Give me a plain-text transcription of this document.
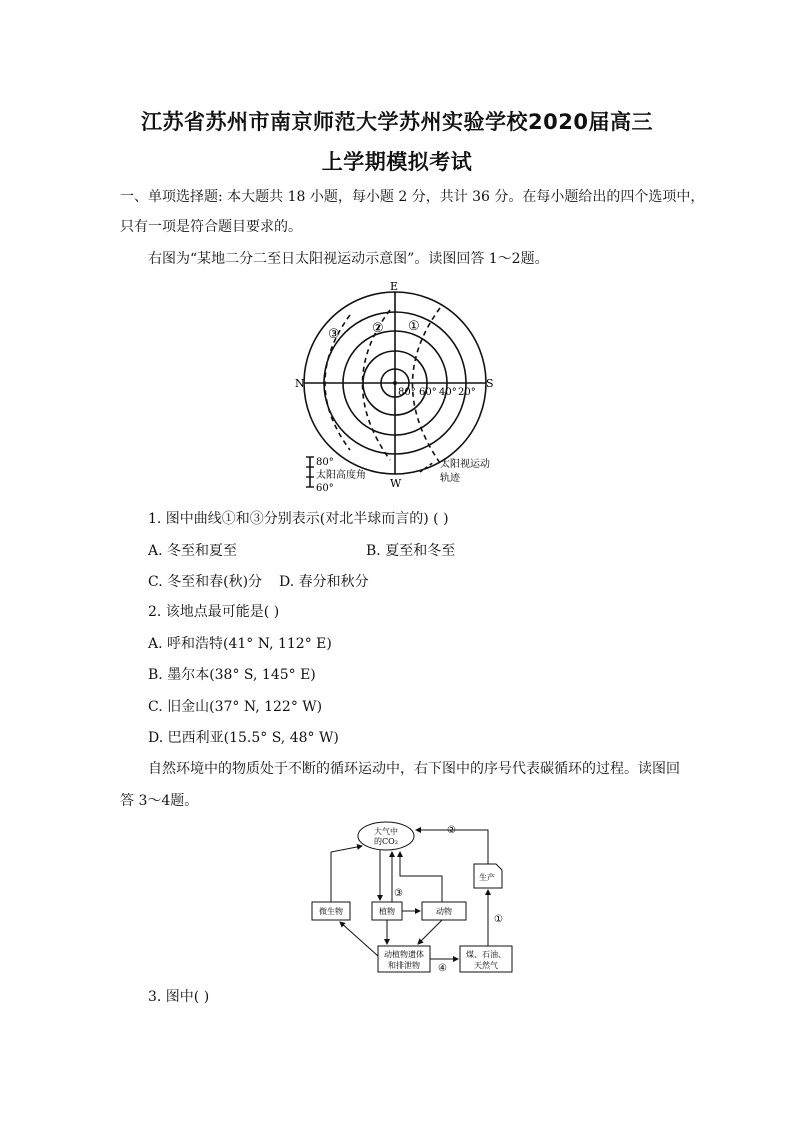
江苏省苏州市南京师范大学苏州实验学校2020届高三
上学期模拟考试
一、单项选择题: 本大题共 18 小题，每小题 2 分，共计 36 分。在每小题给出的四个选项中，
只有一项是符合题目要求的。
右图为“某地二分二至日太阳视运动示意图”。读图回答 1～2题。
N	S
E
W
①
②
③
80° 60° 40° 20°
80°
太阳高度角
60°
太阳视运动
轨迹
1. 图中曲线①和③分别表示(对北半球而言的) ( )
A. 冬至和夏至	B. 夏至和冬至
C. 冬至和春(秋)分 D. 春分和秋分
2. 该地点最可能是( )
A. 呼和浩特(41° N, 112° E)
B. 墨尔本(38° S, 145° E)
C. 旧金山(37° N, 122° W)
D. 巴西利亚(15.5° S, 48° W)
自然环境中的物质处于不断的循环运动中，右下图中的序号代表碳循环的过程。读图回
答 3～4题。
大气中
的CO₂
微生物	植物	动物
动植物遗体
和排泄物
煤、石油、
天然气
生产
①
②
③
④
3. 图中( )
